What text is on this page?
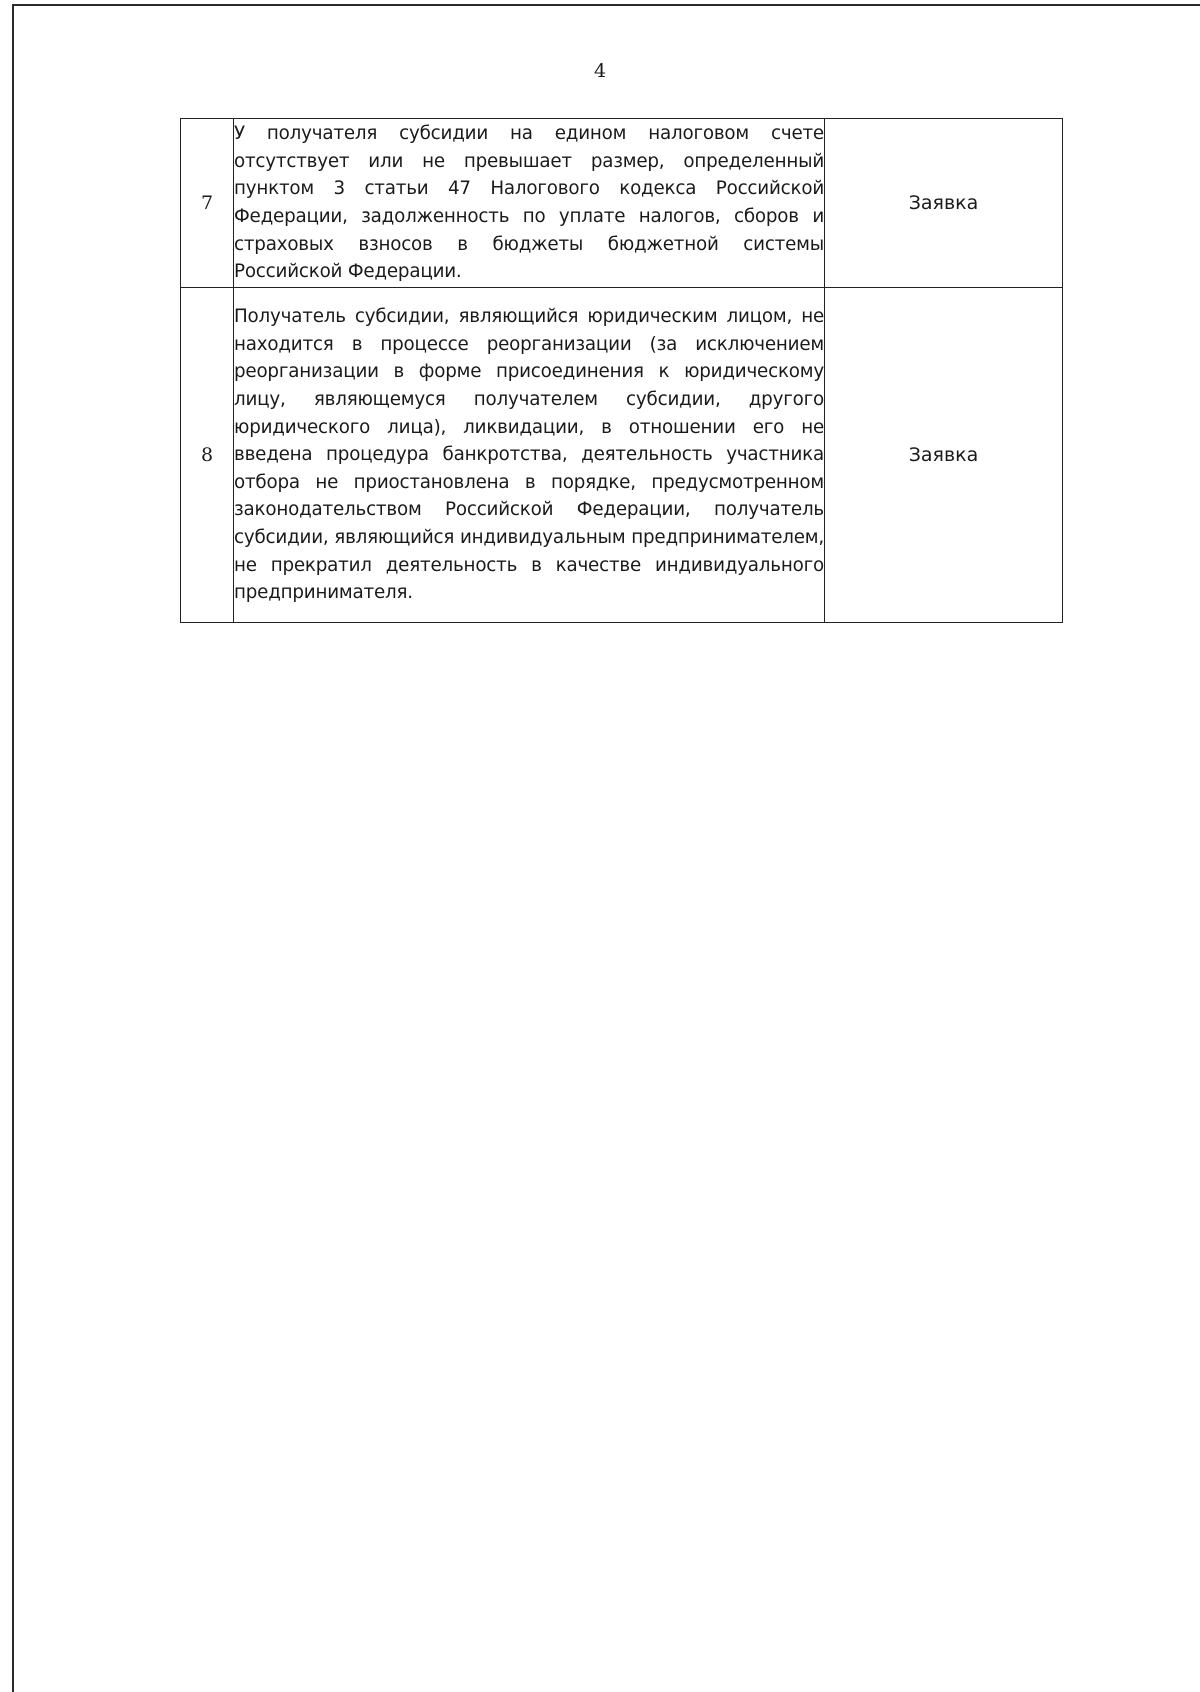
4
7	У получателя субсидии на едином налоговом счете отсутствует или не превышает размер, определенный пунктом 3 статьи 47 Налогового кодекса Российской Федерации, задолженность по уплате налогов, сборов и страховых взносов в бюджеты бюджетной системы Российской Федерации.	Заявка
8	Получатель субсидии, являющийся юридическим лицом, не находится в процессе реорганизации (за исключением реорганизации в форме присоединения к юридическому лицу, являющемуся получателем субсидии, другого юридического лица), ликвидации, в отношении его не введена процедура банкротства, деятельность участника отбора не приостановлена в порядке, предусмотренном законодательством Российской Федерации, получатель субсидии, являющийся индивидуальным предпринимателем, не прекратил деятельность в качестве индивидуального предпринимателя.	Заявка
